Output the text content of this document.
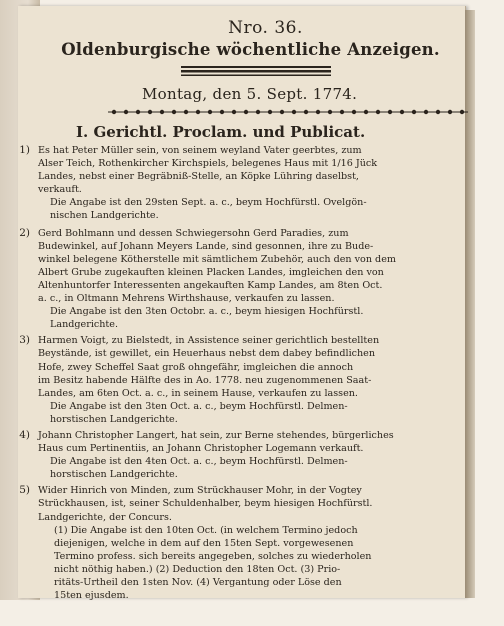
Nro. 36.
Oldenburgische wöchentliche Anzeigen.
Montag, den 5. Sept. 1774.
I. Gerichtl. Proclam. und Publicat.
1) Es hat Peter Müller sein, von seinem weyland Vater geerbtes, zum
Alser Teich, Rothenkircher Kirchspiels, belegenes Haus mit 1/16 Jück
Landes, nebst einer Begräbniß-Stelle, an Köpke Lühring daselbst,
verkauft.
Die Angabe ist den 29sten Sept. a. c., beym Hochfürstl. Ovelgön-
nischen Landgerichte.
2) Gerd Bohlmann und dessen Schwiegersohn Gerd Paradies, zum
Budewinkel, auf Johann Meyers Lande, sind gesonnen, ihre zu Bude-
winkel belegene Kötherstelle mit sämtlichem Zubehör, auch den von dem
Albert Grube zugekauften kleinen Placken Landes, imgleichen den von
Altenhuntorfer Interessenten angekauften Kamp Landes, am 8ten Oct.
a. c., in Oltmann Mehrens Wirthshause, verkaufen zu lassen.
Die Angabe ist den 3ten Octobr. a. c., beym hiesigen Hochfürstl.
Landgerichte.
3) Harmen Voigt, zu Bielstedt, in Assistence seiner gerichtlich bestellten
Beystände, ist gewillet, ein Heuerhaus nebst dem dabey befindlichen
Hofe, zwey Scheffel Saat groß ohngefähr, imgleichen die annoch
im Besitz habende Hälfte des in Ao. 1778. neu zugenommenen Saat-
Landes, am 6ten Oct. a. c., in seinem Hause, verkaufen zu lassen.
Die Angabe ist den 3ten Oct. a. c., beym Hochfürstl. Delmen-
horstischen Landgerichte.
4) Johann Christopher Langert, hat sein, zur Berne stehendes, bürgerliches
Haus cum Pertinentiis, an Johann Christopher Logemann verkauft.
Die Angabe ist den 4ten Oct. a. c., beym Hochfürstl. Delmen-
horstischen Landgerichte.
5) Wider Hinrich von Minden, zum Strückhauser Mohr, in der Vogtey
Strückhausen, ist, seiner Schuldenhalber, beym hiesigen Hochfürstl.
Landgerichte, der Concurs.
(1) Die Angabe ist den 10ten Oct. (in welchem Termino jedoch
diejenigen, welche in dem auf den 15ten Sept. vorgewesenen
Termino profess. sich bereits angegeben, solches zu wiederholen
nicht nöthig haben.) (2) Deduction den 18ten Oct. (3) Prio-
ritäts-Urtheil den 1sten Nov. (4) Vergantung oder Löse den
15ten ejusdem.
